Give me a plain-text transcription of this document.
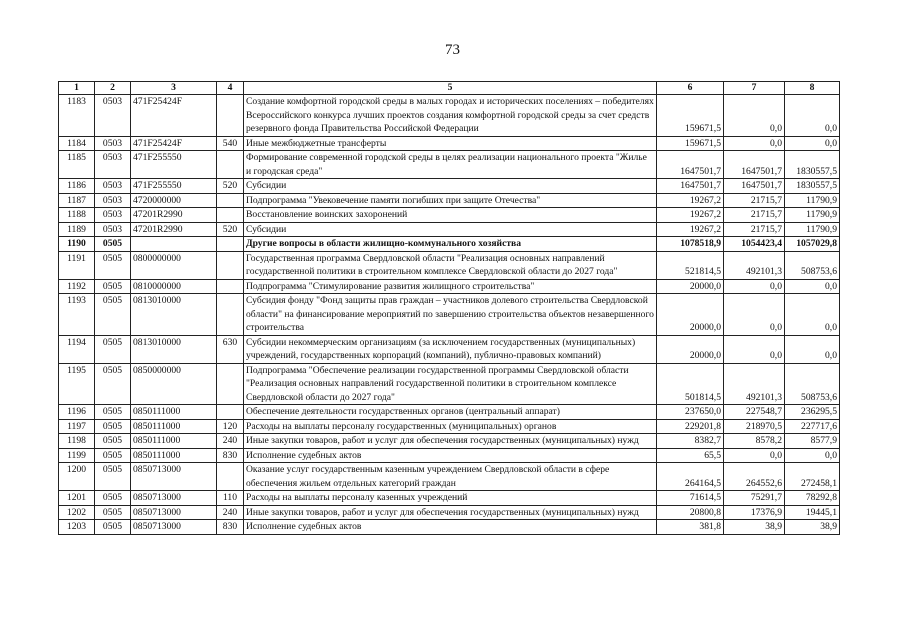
73
1	2	3	4	5	6	7	8
1183	0503	471F25424F		Создание комфортной городской среды в малых городах и исторических поселениях – победителях Всероссийского конкурса лучших проектов создания комфортной городской среды за счет средств резервного фонда Правительства Российской Федерации	159671,5	0,0	0,0
1184	0503	471F25424F	540	Иные межбюджетные трансферты	159671,5	0,0	0,0
1185	0503	471F255550		Формирование современной городской среды в целях реализации национального проекта "Жилье и городская среда"	1647501,7	1647501,7	1830557,5
1186	0503	471F255550	520	Субсидии	1647501,7	1647501,7	1830557,5
1187	0503	4720000000		Подпрограмма "Увековечение памяти погибших при защите Отечества"	19267,2	21715,7	11790,9
1188	0503	47201R2990		Восстановление воинских захоронений	19267,2	21715,7	11790,9
1189	0503	47201R2990	520	Субсидии	19267,2	21715,7	11790,9
1190	0505			Другие вопросы в области жилищно-коммунального хозяйства	1078518,9	1054423,4	1057029,8
1191	0505	0800000000		Государственная программа Свердловской области "Реализация основных направлений государственной политики в строительном комплексе Свердловской области до 2027 года"	521814,5	492101,3	508753,6
1192	0505	0810000000		Подпрограмма "Стимулирование развития жилищного строительства"	20000,0	0,0	0,0
1193	0505	0813010000		Субсидия фонду "Фонд защиты прав граждан – участников долевого строительства Свердловской области" на финансирование мероприятий по завершению строительства объектов незавершенного строительства	20000,0	0,0	0,0
1194	0505	0813010000	630	Субсидии некоммерческим организациям (за исключением государственных (муниципальных) учреждений, государственных корпораций (компаний), публично-правовых компаний)	20000,0	0,0	0,0
1195	0505	0850000000		Подпрограмма "Обеспечение реализации государственной программы Свердловской области "Реализация основных направлений государственной политики в строительном комплексе Свердловской области до 2027 года"	501814,5	492101,3	508753,6
1196	0505	0850111000		Обеспечение деятельности государственных органов (центральный аппарат)	237650,0	227548,7	236295,5
1197	0505	0850111000	120	Расходы на выплаты персоналу государственных (муниципальных) органов	229201,8	218970,5	227717,6
1198	0505	0850111000	240	Иные закупки товаров, работ и услуг для обеспечения государственных (муниципальных) нужд	8382,7	8578,2	8577,9
1199	0505	0850111000	830	Исполнение судебных актов	65,5	0,0	0,0
1200	0505	0850713000		Оказание услуг государственным казенным учреждением Свердловской области в сфере обеспечения жильем отдельных категорий граждан	264164,5	264552,6	272458,1
1201	0505	0850713000	110	Расходы на выплаты персоналу казенных учреждений	71614,5	75291,7	78292,8
1202	0505	0850713000	240	Иные закупки товаров, работ и услуг для обеспечения государственных (муниципальных) нужд	20800,8	17376,9	19445,1
1203	0505	0850713000	830	Исполнение судебных актов	381,8	38,9	38,9
